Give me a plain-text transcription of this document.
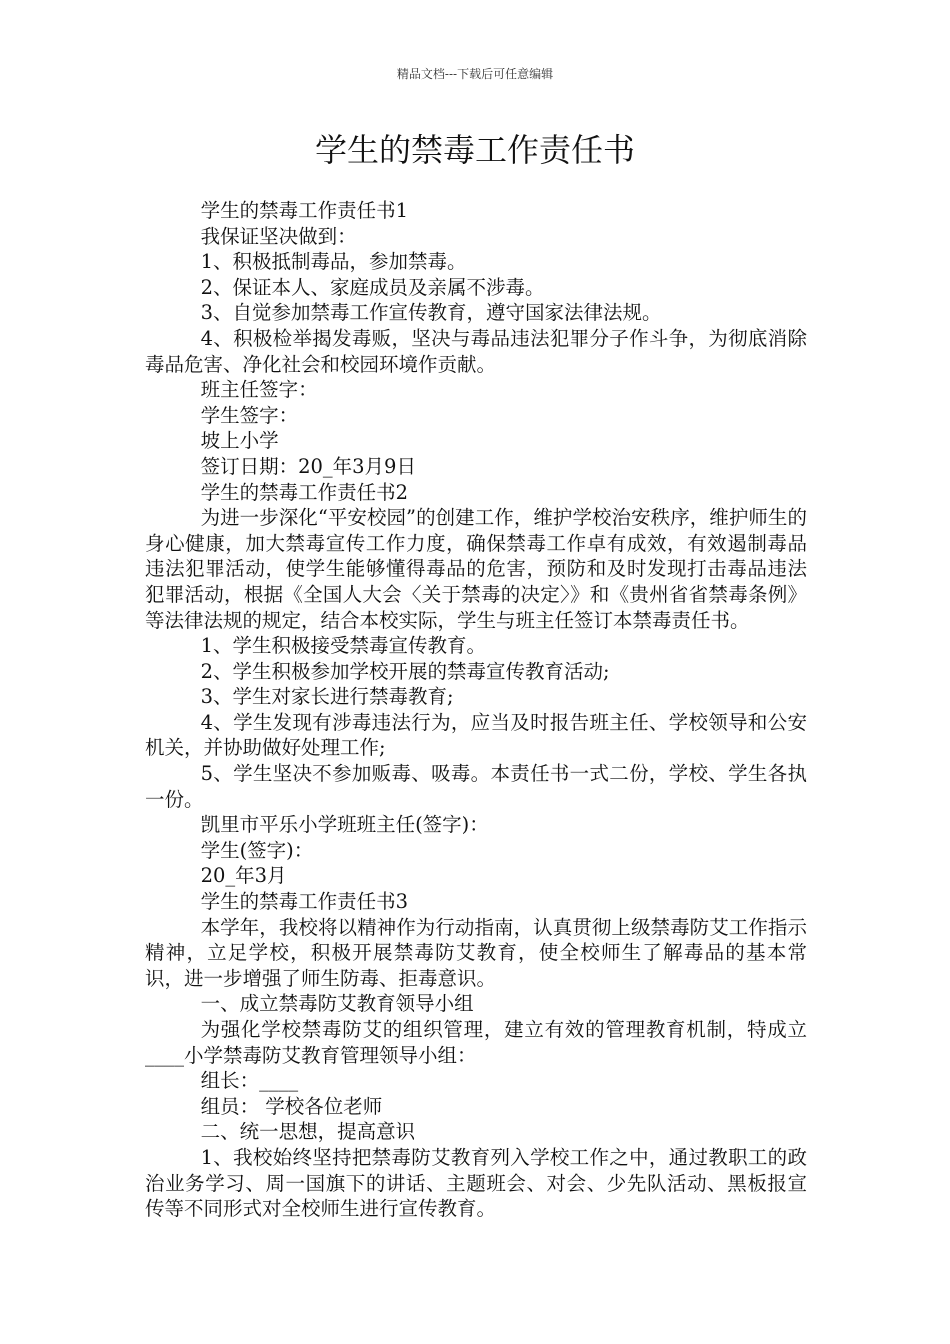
精品文档---下载后可任意编辑
学生的禁毒工作责任书

学生的禁毒工作责任书1

我保证坚决做到：

1、积极抵制毒品，参加禁毒。

2、保证本人、家庭成员及亲属不涉毒。

3、自觉参加禁毒工作宣传教育，遵守国家法律法规。

4、积极检举揭发毒贩，坚决与毒品违法犯罪分子作斗争，为彻底消除毒品危害、净化社会和校园环境作贡献。

班主任签字：

学生签字：

坡上小学

签订日期：20_年3月9日

学生的禁毒工作责任书2

为进一步深化“平安校园”的创建工作，维护学校治安秩序，维护师生的身心健康，加大禁毒宣传工作力度，确保禁毒工作卓有成效，有效遏制毒品违法犯罪活动，使学生能够懂得毒品的危害，预防和及时发现打击毒品违法犯罪活动，根据《全国人大会〈关于禁毒的决定〉》和《贵州省省禁毒条例》等法律法规的规定，结合本校实际，学生与班主任签订本禁毒责任书。

1、学生积极接受禁毒宣传教育。

2、学生积极参加学校开展的禁毒宣传教育活动;

3、学生对家长进行禁毒教育;

4、学生发现有涉毒违法行为，应当及时报告班主任、学校领导和公安机关，并协助做好处理工作;

5、学生坚决不参加贩毒、吸毒。本责任书一式二份，学校、学生各执一份。

凯里市平乐小学班班主任(签字)：

学生(签字)：

20_年3月

学生的禁毒工作责任书3

本学年，我校将以精神作为行动指南，认真贯彻上级禁毒防艾工作指示精神，立足学校，积极开展禁毒防艾教育，使全校师生了解毒品的基本常识，进一步增强了师生防毒、拒毒意识。

一、成立禁毒防艾教育领导小组

为强化学校禁毒防艾的组织管理，建立有效的管理教育机制，特成立____小学禁毒防艾教育管理领导小组：

组长：____

组员： 学校各位老师

二、统一思想，提高意识

1、我校始终坚持把禁毒防艾教育列入学校工作之中，通过教职工的政治业务学习、周一国旗下的讲话、主题班会、对会、少先队活动、黑板报宣传等不同形式对全校师生进行宣传教育。
